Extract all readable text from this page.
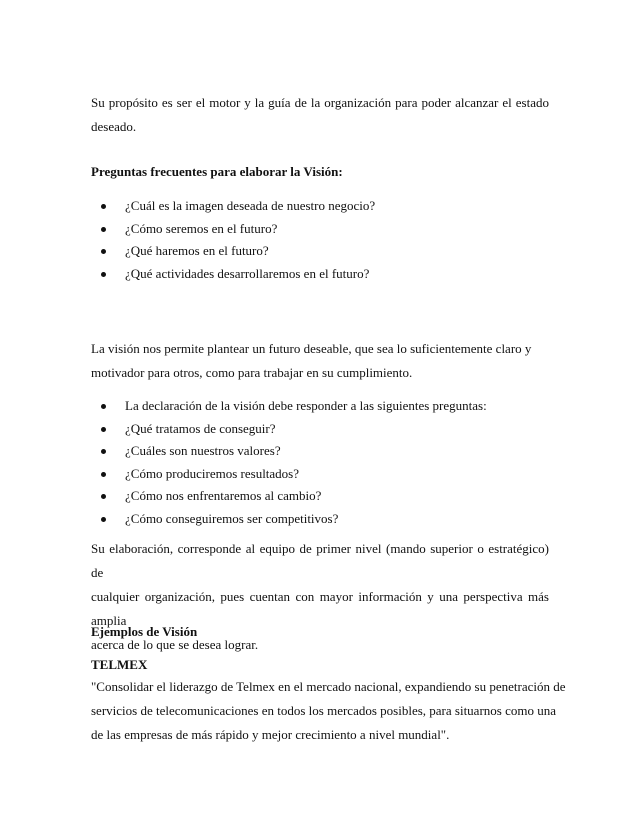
Su propósito es ser el motor y la guía de la organización para poder alcanzar el estado
deseado.
Preguntas frecuentes para elaborar la Visión:
¿Cuál es la imagen deseada de nuestro negocio?
¿Cómo seremos en el futuro?
¿Qué haremos en el futuro?
¿Qué actividades desarrollaremos en el futuro?
La visión nos permite plantear un futuro deseable, que sea lo suficientemente claro y
motivador para otros, como para trabajar en su cumplimiento.
La declaración de la visión debe responder a las siguientes preguntas:
¿Qué tratamos de conseguir?
¿Cuáles son nuestros valores?
¿Cómo produciremos resultados?
¿Cómo nos enfrentaremos al cambio?
¿Cómo conseguiremos ser competitivos?
Su elaboración, corresponde al equipo de primer nivel (mando superior o estratégico) de
cualquier organización, pues cuentan con mayor información y una perspectiva más amplia
acerca de lo que se desea lograr.
Ejemplos de Visión
TELMEX
"Consolidar el liderazgo de Telmex en el mercado nacional, expandiendo su penetración de
servicios de telecomunicaciones en todos los mercados posibles, para situarnos como una
de las empresas de más rápido y mejor crecimiento a nivel mundial".
